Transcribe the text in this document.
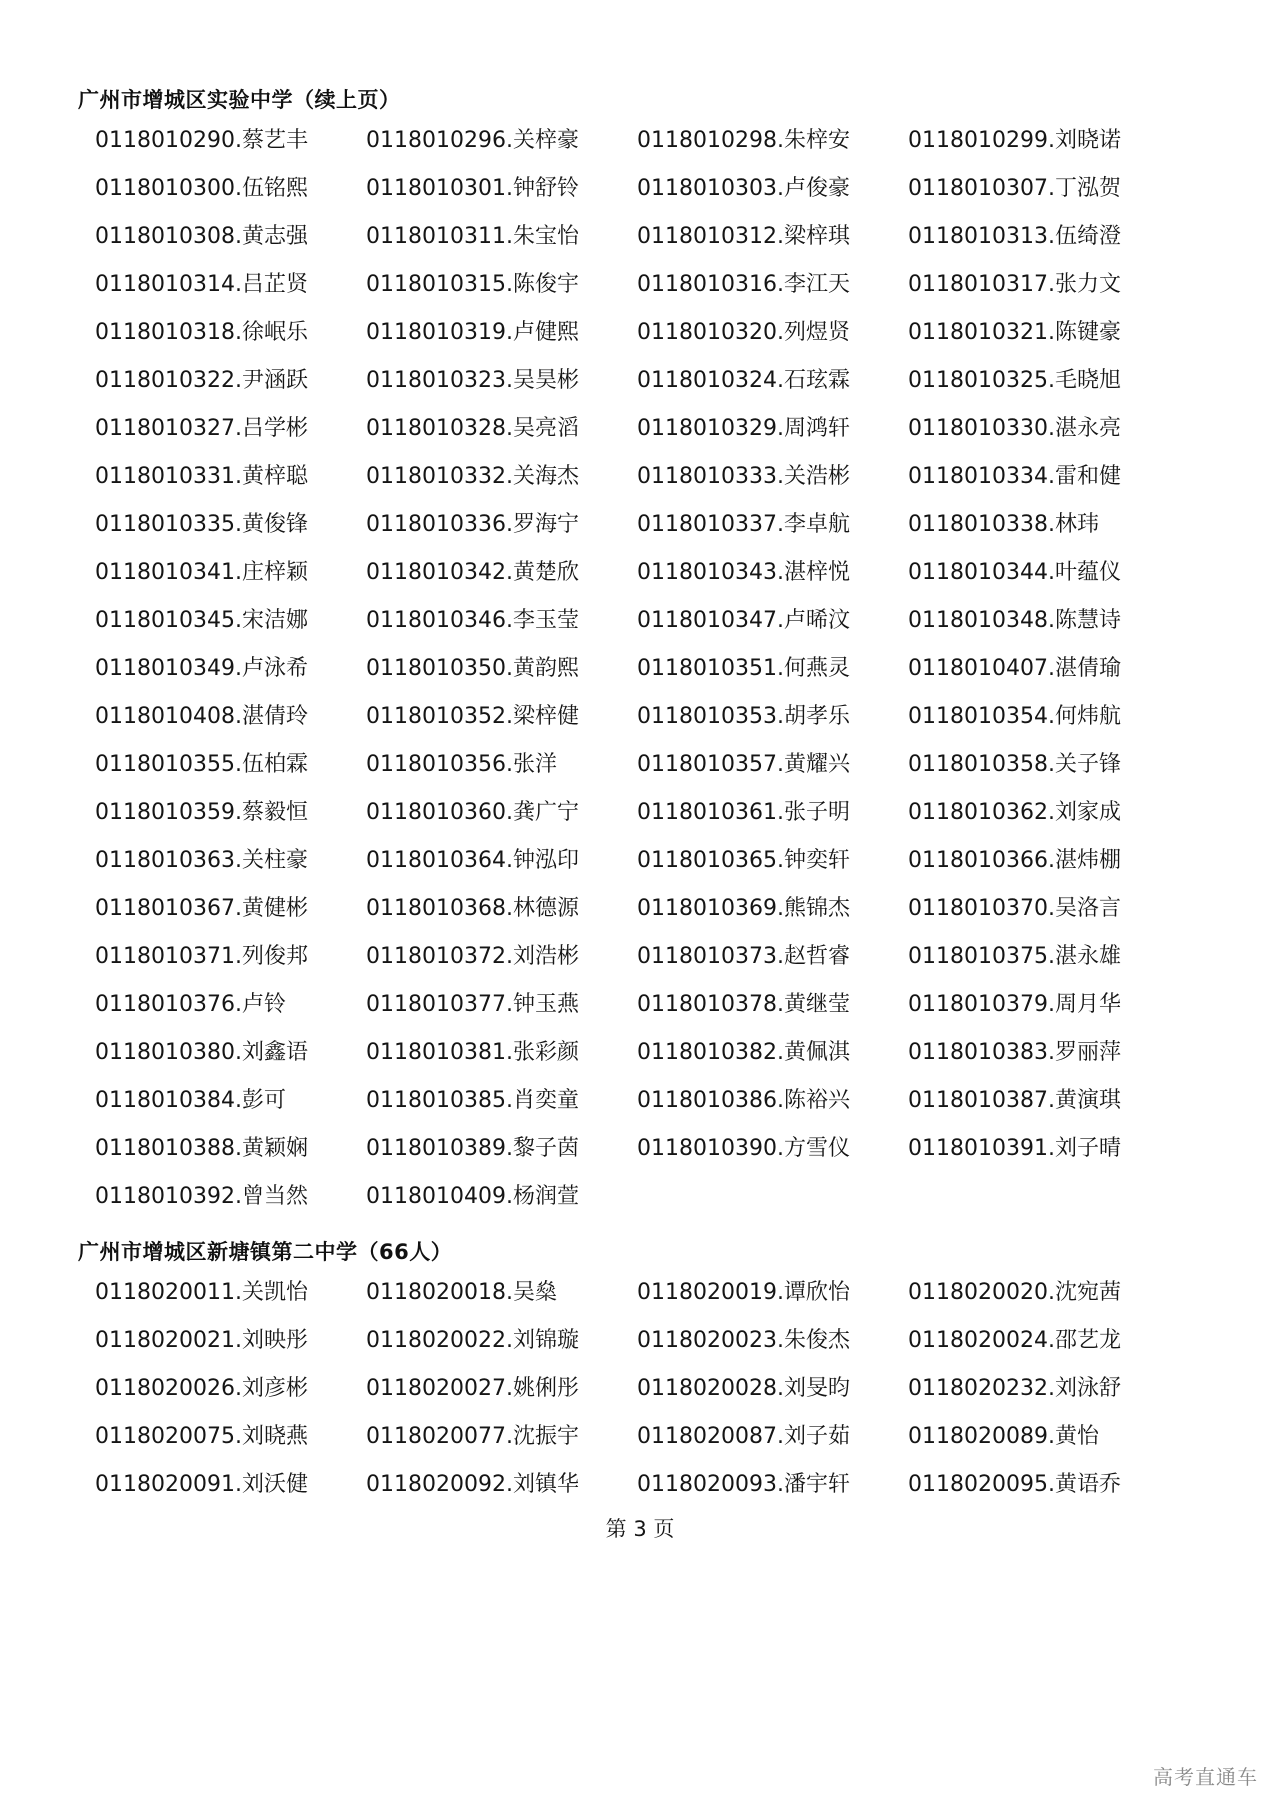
广州市增城区实验中学（续上页）
0118010290.蔡艺丰	0118010296.关梓豪	0118010298.朱梓安	0118010299.刘晓诺
0118010300.伍铭熙	0118010301.钟舒铃	0118010303.卢俊豪	0118010307.丁泓贺
0118010308.黄志强	0118010311.朱宝怡	0118010312.梁梓琪	0118010313.伍绮澄
0118010314.吕芷贤	0118010315.陈俊宇	0118010316.李江天	0118010317.张力文
0118010318.徐岷乐	0118010319.卢健熙	0118010320.列煜贤	0118010321.陈键豪
0118010322.尹涵跃	0118010323.吴昊彬	0118010324.石玹霖	0118010325.毛晓旭
0118010327.吕学彬	0118010328.吴亮滔	0118010329.周鸿轩	0118010330.湛永亮
0118010331.黄梓聪	0118010332.关海杰	0118010333.关浩彬	0118010334.雷和健
0118010335.黄俊锋	0118010336.罗海宁	0118010337.李卓航	0118010338.林玮
0118010341.庄梓颖	0118010342.黄楚欣	0118010343.湛梓悦	0118010344.叶蕴仪
0118010345.宋洁娜	0118010346.李玉莹	0118010347.卢晞汶	0118010348.陈慧诗
0118010349.卢泳希	0118010350.黄韵熙	0118010351.何燕灵	0118010407.湛倩瑜
0118010408.湛倩玲	0118010352.梁梓健	0118010353.胡孝乐	0118010354.何炜航
0118010355.伍柏霖	0118010356.张洋	0118010357.黄耀兴	0118010358.关子锋
0118010359.蔡毅恒	0118010360.龚广宁	0118010361.张子明	0118010362.刘家成
0118010363.关柱豪	0118010364.钟泓印	0118010365.钟奕轩	0118010366.湛炜棚
0118010367.黄健彬	0118010368.林德源	0118010369.熊锦杰	0118010370.吴洛言
0118010371.列俊邦	0118010372.刘浩彬	0118010373.赵哲睿	0118010375.湛永雄
0118010376.卢铃	0118010377.钟玉燕	0118010378.黄继莹	0118010379.周月华
0118010380.刘鑫语	0118010381.张彩颜	0118010382.黄佩淇	0118010383.罗丽萍
0118010384.彭可	0118010385.肖奕童	0118010386.陈裕兴	0118010387.黄演琪
0118010388.黄颖娴	0118010389.黎子茵	0118010390.方雪仪	0118010391.刘子晴
0118010392.曾当然	0118010409.杨润萱
广州市增城区新塘镇第二中学（66人）
0118020011.关凯怡	0118020018.吴燊	0118020019.谭欣怡	0118020020.沈宛茜
0118020021.刘映彤	0118020022.刘锦璇	0118020023.朱俊杰	0118020024.邵艺龙
0118020026.刘彦彬	0118020027.姚俐彤	0118020028.刘旻昀	0118020232.刘泳舒
0118020075.刘晓燕	0118020077.沈振宇	0118020087.刘子茹	0118020089.黄怡
0118020091.刘沃健	0118020092.刘镇华	0118020093.潘宇轩	0118020095.黄语乔
第 3 页
高考直通车
